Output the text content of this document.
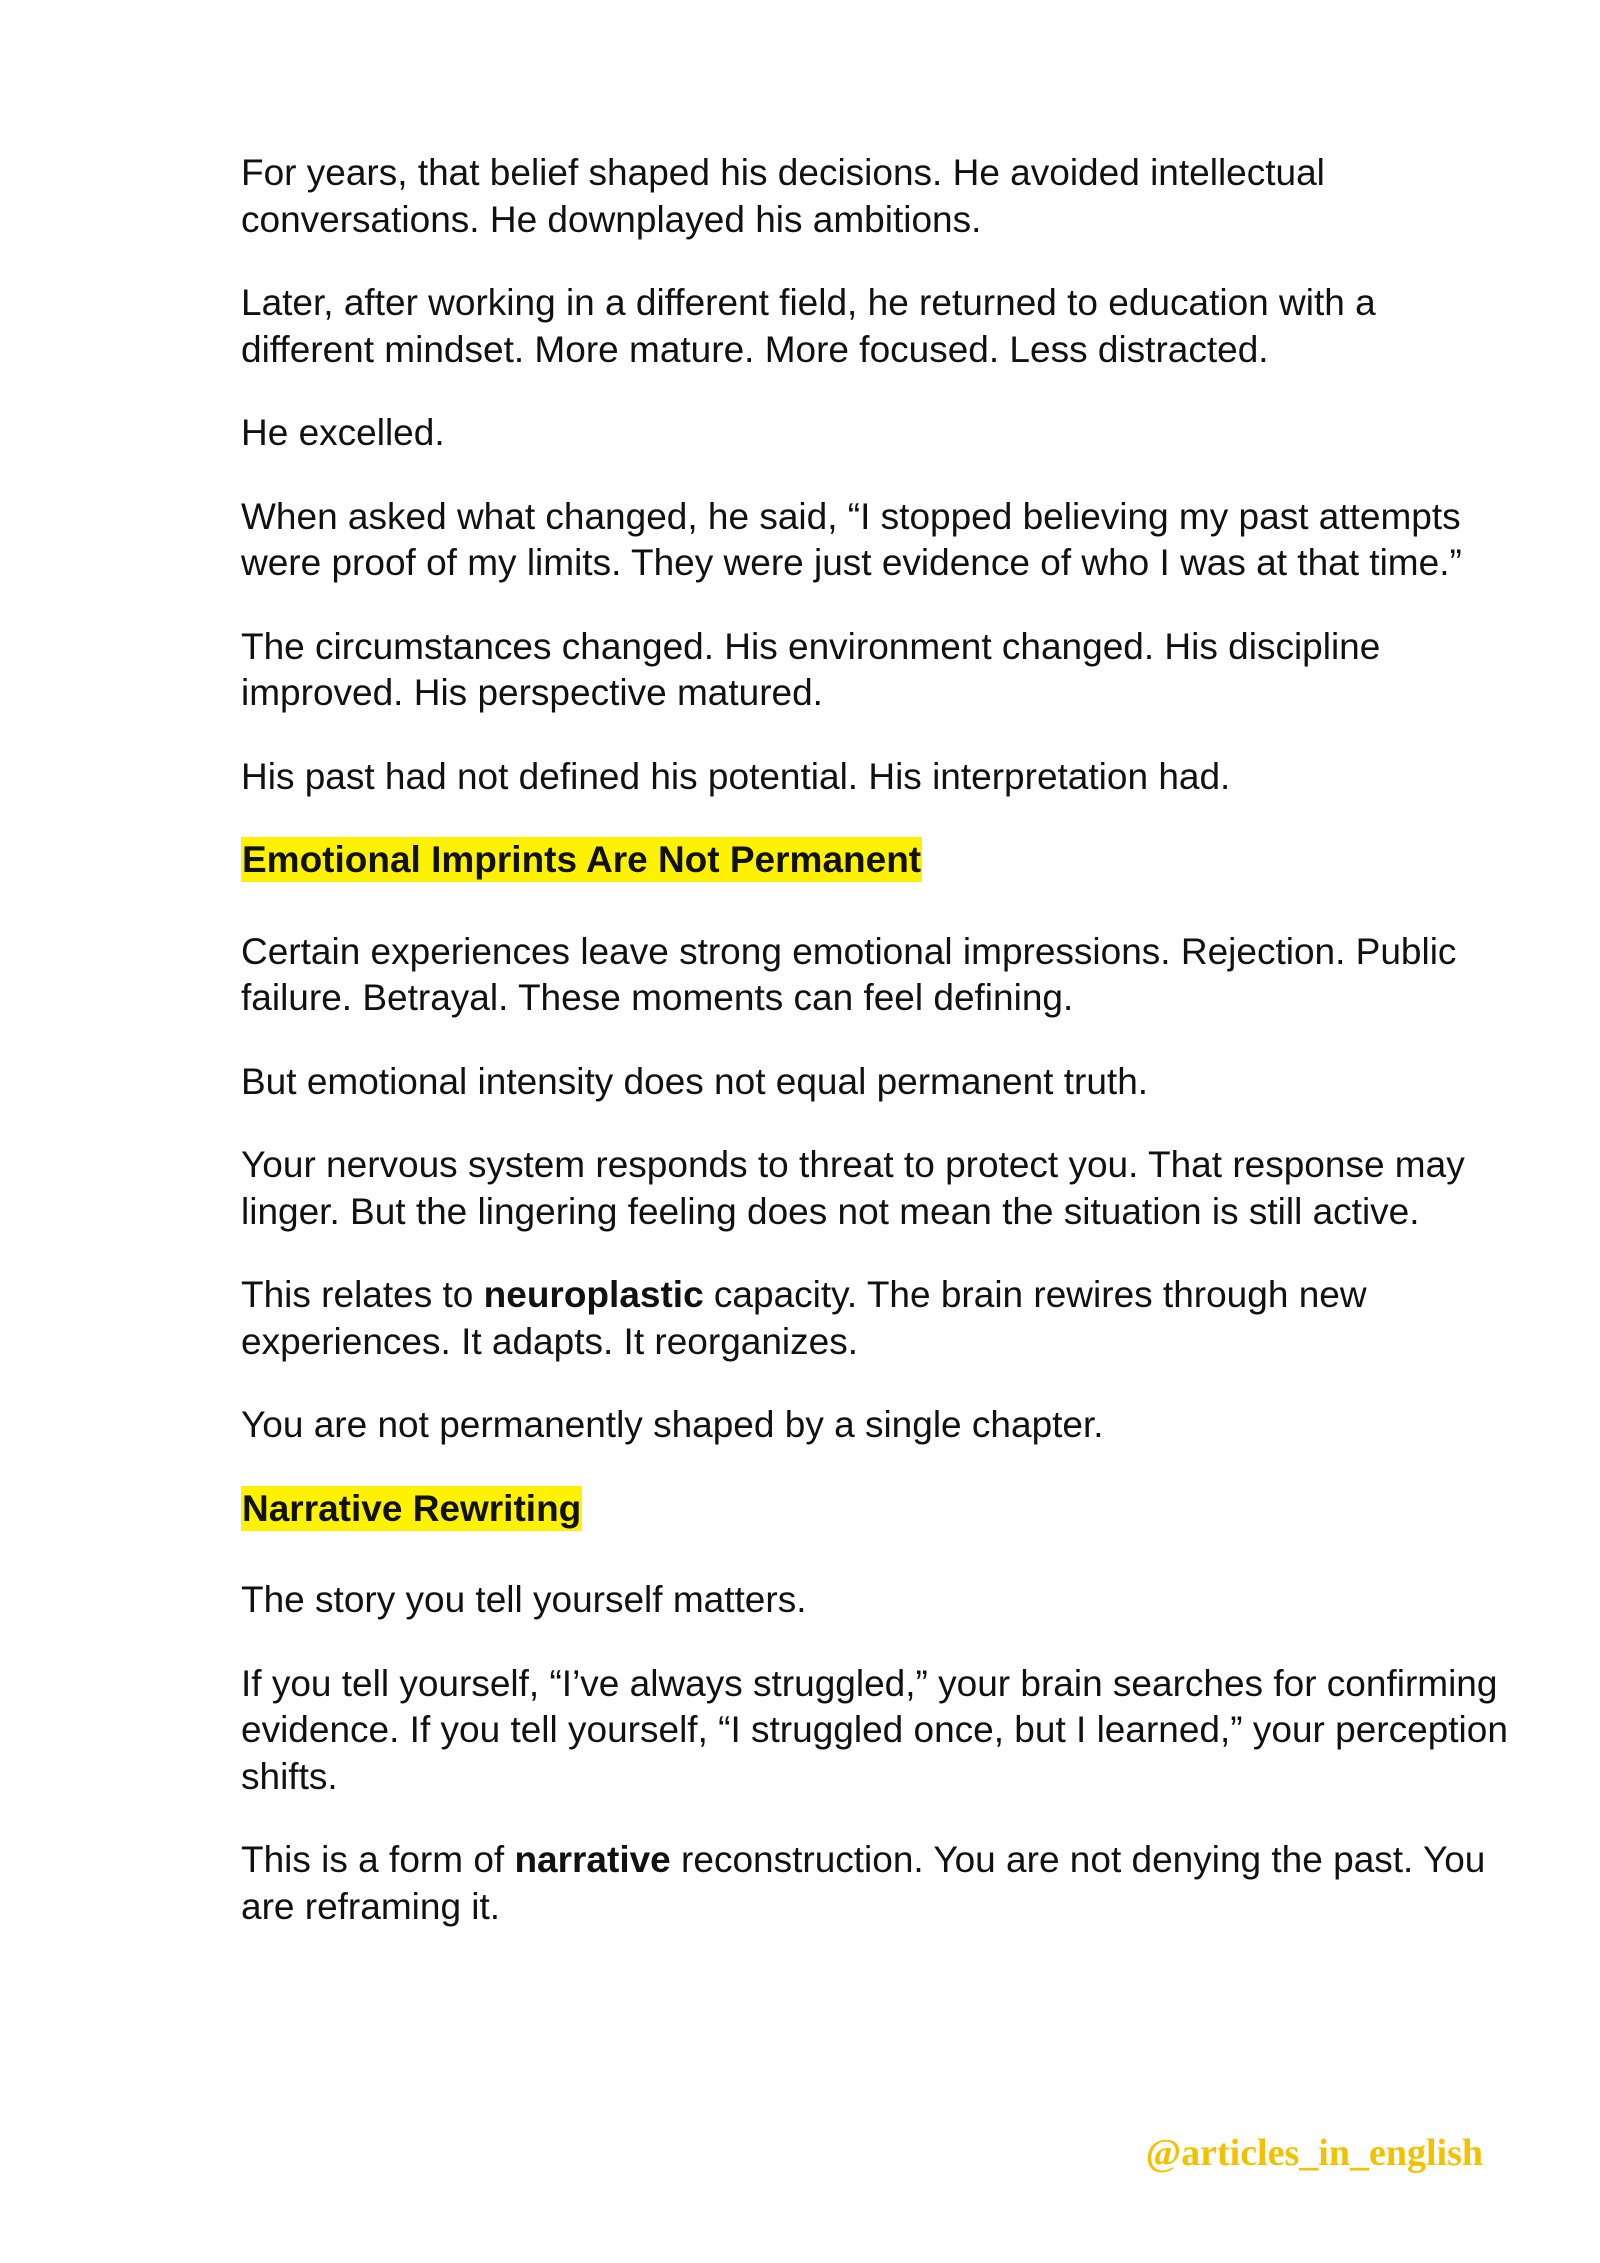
For years, that belief shaped his decisions. He avoided intellectual conversations. He downplayed his ambitions.

Later, after working in a different field, he returned to education with a different mindset. More mature. More focused. Less distracted.

He excelled.

When asked what changed, he said, “I stopped believing my past attempts were proof of my limits. They were just evidence of who I was at that time.”

The circumstances changed. His environment changed. His discipline improved. His perspective matured.

His past had not defined his potential. His interpretation had.

Emotional Imprints Are Not Permanent

Certain experiences leave strong emotional impressions. Rejection. Public failure. Betrayal. These moments can feel defining.

But emotional intensity does not equal permanent truth.

Your nervous system responds to threat to protect you. That response may linger. But the lingering feeling does not mean the situation is still active.

This relates to neuroplastic capacity. The brain rewires through new experiences. It adapts. It reorganizes.

You are not permanently shaped by a single chapter.

Narrative Rewriting

The story you tell yourself matters.

If you tell yourself, “I’ve always struggled,” your brain searches for confirming evidence. If you tell yourself, “I struggled once, but I learned,” your perception shifts.

This is a form of narrative reconstruction. You are not denying the past. You are reframing it.

@articles_in_english
